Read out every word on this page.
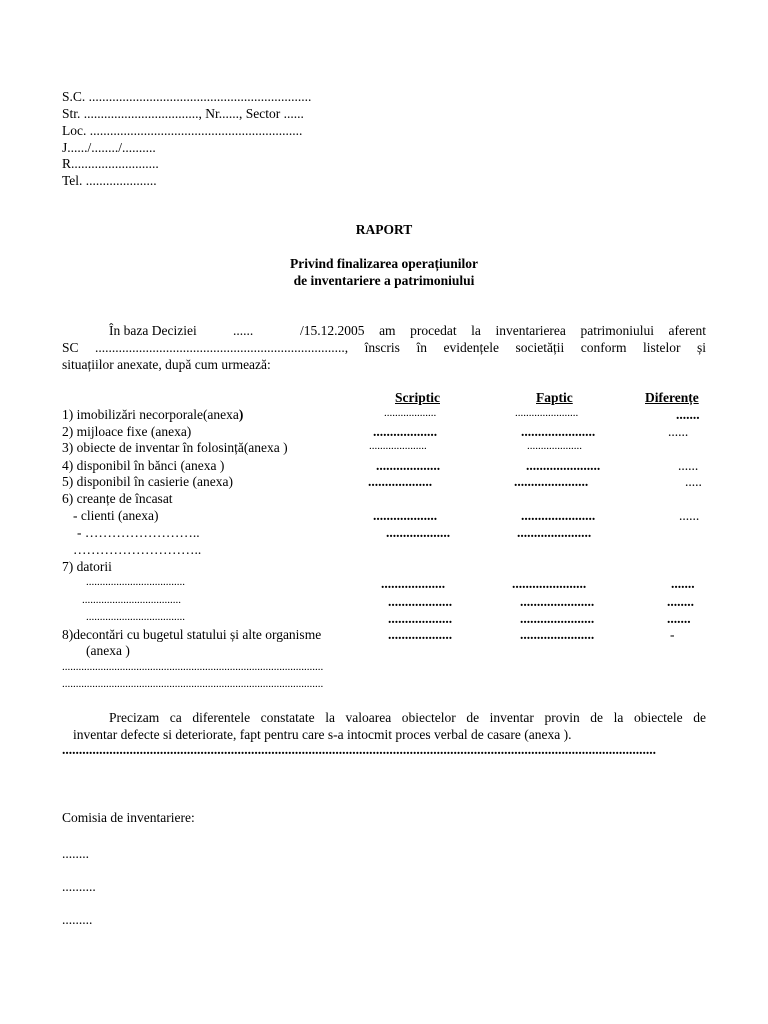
S.C. ..................................................................
Str. .................................., Nr......, Sector ......
Loc. ...............................................................
J....../......../..........
R..........................
Tel. .....................
RAPORT
Privind finalizarea operațiunilor
de inventariere a patrimoniului
În baza Deciziei	......	/15.12.2005 am procedat la inventarierea patrimoniului aferent
SC .........................................................................., înscris în evidențele societății conform listelor și
situațiilor anexate, după cum urmează:
Scriptic	Faptic	Diferențe
1) imobilizări necorporale(anexa)	...................	.......................	.......
2) mijloace fixe (anexa)	...................	......................	......
3) obiecte de inventar în folosință(anexa )	.....................	....................
4) disponibil în bănci (anexa )	...................	......................	......
5) disponibil în casierie (anexa)	...................	......................	.....
6) creanțe de încasat
- clienti (anexa)	...................	......................	......
- ……………………..	...................	......................
………………………..
7) datorii
....................................	...................	......................	.......
....................................	...................	......................	........
....................................	...................	......................	.......
8)decontări cu bugetul statului și alte organisme	...................	......................	-
(anexa )
...............................................................................................
...............................................................................................
Precizam ca diferentele constatate la valoarea obiectelor de inventar provin de la obiectele de
inventar defecte si deteriorate, fapt pentru care s-a intocmit proces verbal de casare (anexa ).
................................................................................................................................................................................
Comisia de inventariere:
........
..........
.........
